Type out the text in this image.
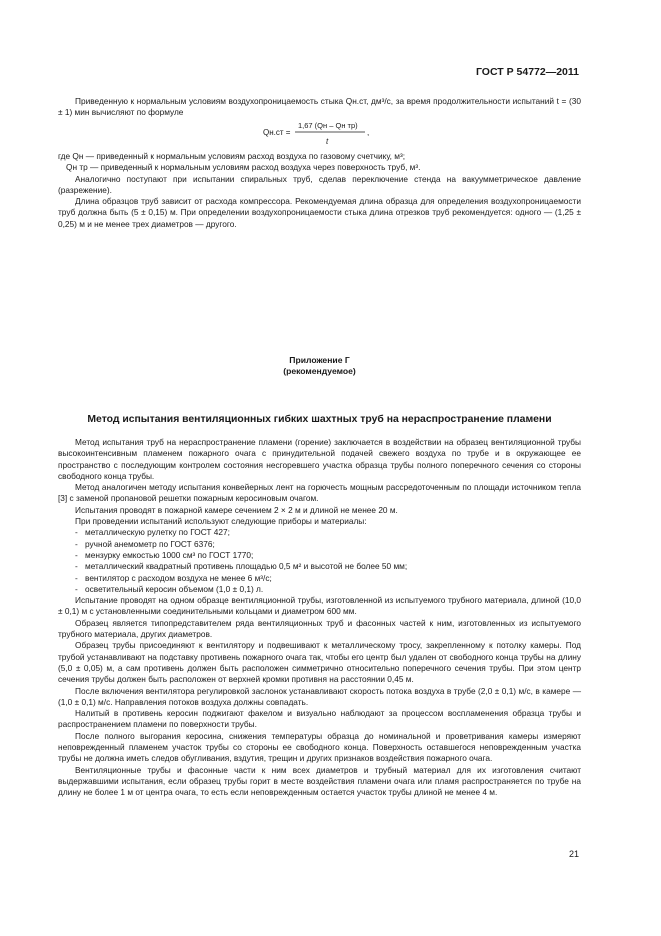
ГОСТ Р 54772—2011

Приведенную к нормальным условиям воздухопроницаемость стыка Qн.ст, дм³/с, за время продолжительности испытаний t = (30 ± 1) мин вычисляют по формуле

Qн.ст =
1,67 (Qн – Qн тр)
t
,

где Qн — приведенный к нормальным условиям расход воздуха по газовому счетчику, м³;

Qн тр — приведенный к нормальным условиям расход воздуха через поверхность труб, м³.

Аналогично поступают при испытании спиральных труб, сделав переключение стенда на вакуумметрическое давление (разрежение).

Длина образцов труб зависит от расхода компрессора. Рекомендуемая длина образца для определения воздухопроницаемости труб должна быть (5 ± 0,15) м. При определении воздухопроницаемости стыка длина отрезков труб рекомендуется: одного — (1,25 ± 0,25) м и не менее трех диаметров — другого.

Приложение Г
(рекомендуемое)
Метод испытания вентиляционных гибких шахтных труб на нераспространение пламени

Метод испытания труб на нераспространение пламени (горение) заключается в воздействии на образец вентиляционной трубы высокоинтенсивным пламенем пожарного очага с принудительной подачей свежего воздуха по трубе и в окружающее ее пространство с последующим контролем состояния несгоревшего участка образца трубы полного поперечного сечения со стороны свободного конца трубы.

Метод аналогичен методу испытания конвейерных лент на горючесть мощным рассредоточенным по площади источником тепла [3] с заменой пропановой решетки пожарным керосиновым очагом.

Испытания проводят в пожарной камере сечением 2 × 2 м и длиной не менее 20 м.

При проведении испытаний используют следующие приборы и материалы:

- металлическую рулетку по ГОСТ 427;
- ручной анемометр по ГОСТ 6376;
- мензурку емкостью 1000 см³ по ГОСТ 1770;
- металлический квадратный противень площадью 0,5 м² и высотой не более 50 мм;
- вентилятор с расходом воздуха не менее 6 м³/с;
- осветительный керосин объемом (1,0 ± 0,1) л.

Испытание проводят на одном образце вентиляционной трубы, изготовленной из испытуемого трубного материала, длиной (10,0 ± 0,1) м с установленными соединительными кольцами и диаметром 600 мм.

Образец является типопредставителем ряда вентиляционных труб и фасонных частей к ним, изготовленных из испытуемого трубного материала, других диаметров.

Образец трубы присоединяют к вентилятору и подвешивают к металлическому тросу, закрепленному к потолку камеры. Под трубой устанавливают на подставку противень пожарного очага так, чтобы его центр был удален от свободного конца трубы на длину (5,0 ± 0,05) м, а сам противень должен быть расположен симметрично относительно поперечного сечения трубы. При этом центр сечения трубы должен быть расположен от верхней кромки противня на расстоянии 0,45 м.

После включения вентилятора регулировкой заслонок устанавливают скорость потока воздуха в трубе (2,0 ± 0,1) м/с, в камере — (1,0 ± 0,1) м/с. Направления потоков воздуха должны совпадать.

Налитый в противень керосин поджигают факелом и визуально наблюдают за процессом воспламенения образца трубы и распространением пламени по поверхности трубы.

После полного выгорания керосина, снижения температуры образца до номинальной и проветривания камеры измеряют неповрежденный пламенем участок трубы со стороны ее свободного конца. Поверхность оставшегося неповрежденным участка трубы не должна иметь следов обугливания, вздутия, трещин и других признаков воздействия пожарного очага.

Вентиляционные трубы и фасонные части к ним всех диаметров и трубный материал для их изготовления считают выдержавшими испытания, если образец трубы горит в месте воздействия пламени очага или пламя распространяется по трубе на длину не более 1 м от центра очага, то есть если неповрежденным остается участок трубы длиной не менее 4 м.

21
